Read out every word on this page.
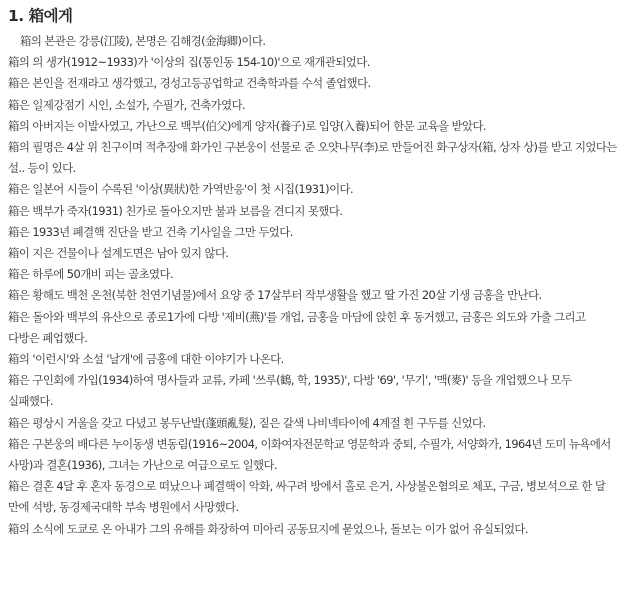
1. 箱에게

箱의 본관은 강릉(江陵), 본명은 김해경(金海卿)이다.

箱의 의 생가(1912~1933)가 '이상의 집(통인동 154-10)'으로 재개관되었다.

箱은 본인을 전재라고 생각했고, 경성고등공업학교 건축학과를 수석 졸업했다.

箱은 일제강점기 시인, 소설가, 수필가, 건축가였다.

箱의 아버지는 이발사였고, 가난으로 백부(伯父)에게 양자(養子)로 입양(入養)되어 한문 교육을 받았다.

箱의 필명은 4살 위 친구이며 적추장애 화가인 구본웅이 선물로 준 오얏나무(李)로 만들어진 화구상자(箱, 상자 상)를 받고 지었다는 설.. 등이 있다.

箱은 일본어 시들이 수록된 '이상(異狀)한 가역반응'이 첫 시집(1931)이다.

箱은 백부가 죽자(1931) 친가로 돌아오지만 불과 보름을 견디지 못했다.

箱은 1933년 폐결핵 진단을 받고 건축 기사일을 그만 두었다.

箱이 지은 건물이나 설계도면은 남아 있지 않다.

箱은 하루에 50개비 피는 골초였다.

箱은 황해도 백천 온천(북한 천연기념물)에서 요양 중 17살부터 작부생활을 했고 딸 가진 20살 기생 금홍을 만난다.

箱은 돌아와 백부의 유산으로 종로1가에 다방 '제비(燕)'를 개업, 금홍을 마담에 앉힌 후 동거했고, 금홍은 외도와 가출 그리고 다방은 폐업했다.

箱의 '이런시'와 소설 '날개'에 금홍에 대한 이야기가 나온다.

箱은 구인회에 가입(1934)하여 명사들과 교류, 카페 '쓰루(鶴, 학, 1935)', 다방 '69', '무기', '맥(麥)' 등을 개업했으나 모두 실패했다.

箱은 평상시 거울을 갖고 다녔고 봉두난발(蓬頭亂髮), 짙은 갈색 나비넥타이에 4계절 흰 구두를 신었다.

箱은 구본웅의 배다른 누이동생 변동림(1916~2004, 이화여자전문학교 영문학과 중퇴, 수필가, 서양화가, 1964년 도미 뉴욕에서 사망)과 결혼(1936), 그녀는 가난으로 여급으로도 일했다.

箱은 결혼 4달 후 혼자 동경으로 떠났으나 폐결핵이 악화, 싸구려 방에서 홀로 은거, 사상불온혐의로 체포, 구금, 병보석으로 한 달 만에 석방, 동경제국대학 부속 병원에서 사망했다.

箱의 소식에 도쿄로 온 아내가 그의 유해를 화장하여 미아리 공동묘지에 묻었으나, 돌보는 이가 없어 유실되었다.
